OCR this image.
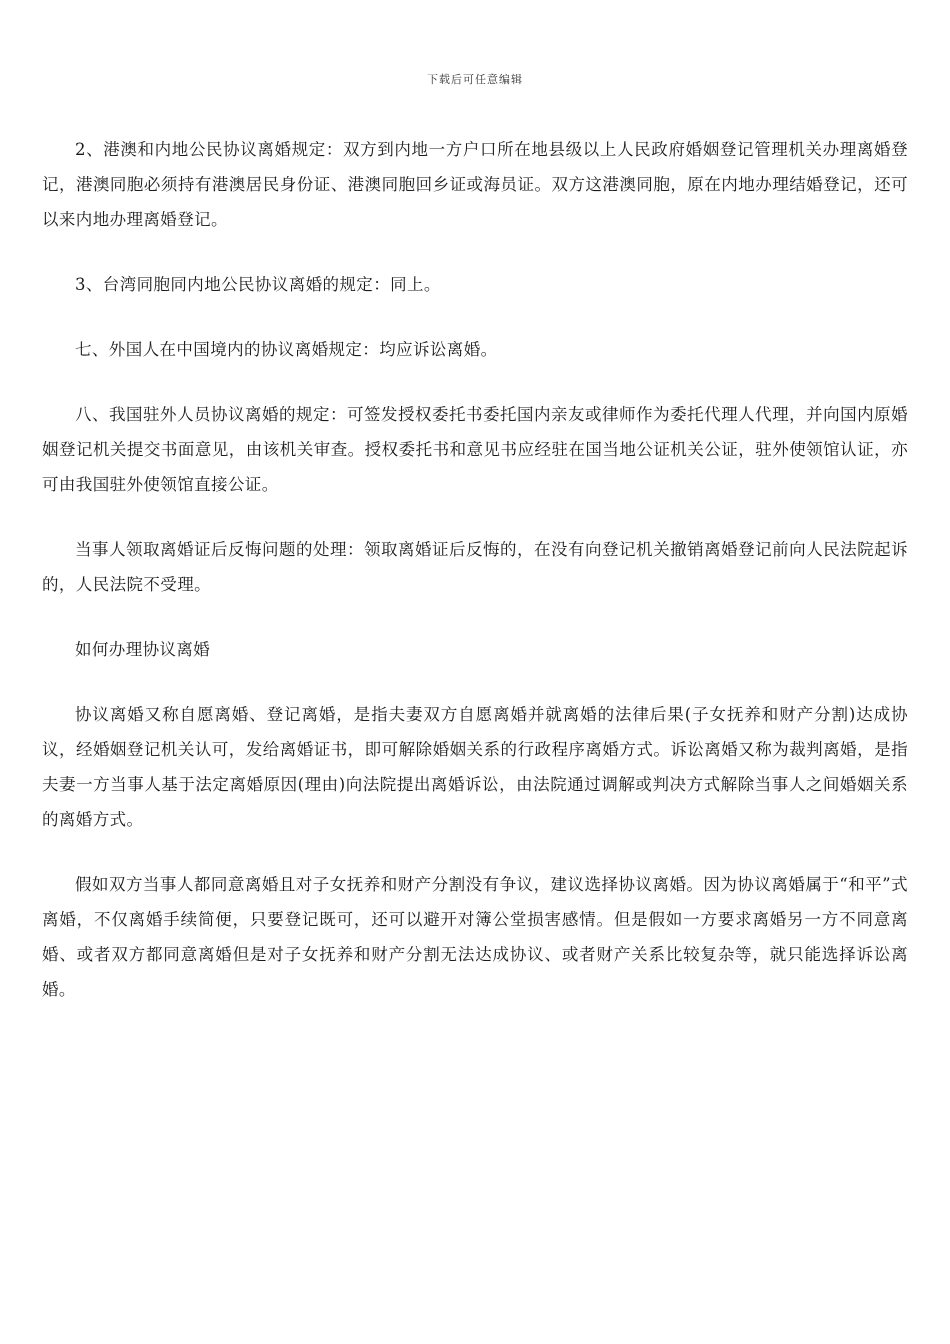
下载后可任意编辑

2、港澳和内地公民协议离婚规定：双方到内地一方户口所在地县级以上人民政府婚姻登记管理机关办理离婚登记，港澳同胞必须持有港澳居民身份证、港澳同胞回乡证或海员证。双方这港澳同胞，原在内地办理结婚登记，还可以来内地办理离婚登记。

3、台湾同胞同内地公民协议离婚的规定：同上。

七、外国人在中国境内的协议离婚规定：均应诉讼离婚。

八、我国驻外人员协议离婚的规定：可签发授权委托书委托国内亲友或律师作为委托代理人代理，并向国内原婚姻登记机关提交书面意见，由该机关审查。授权委托书和意见书应经驻在国当地公证机关公证，驻外使领馆认证，亦可由我国驻外使领馆直接公证。

当事人领取离婚证后反悔问题的处理：领取离婚证后反悔的，在没有向登记机关撤销离婚登记前向人民法院起诉的，人民法院不受理。

如何办理协议离婚

协议离婚又称自愿离婚、登记离婚，是指夫妻双方自愿离婚并就离婚的法律后果(子女抚养和财产分割)达成协议，经婚姻登记机关认可，发给离婚证书，即可解除婚姻关系的行政程序离婚方式。诉讼离婚又称为裁判离婚，是指夫妻一方当事人基于法定离婚原因(理由)向法院提出离婚诉讼，由法院通过调解或判决方式解除当事人之间婚姻关系的离婚方式。

假如双方当事人都同意离婚且对子女抚养和财产分割没有争议，建议选择协议离婚。因为协议离婚属于“和平”式离婚，不仅离婚手续简便，只要登记既可，还可以避开对簿公堂损害感情。但是假如一方要求离婚另一方不同意离婚、或者双方都同意离婚但是对子女抚养和财产分割无法达成协议、或者财产关系比较复杂等，就只能选择诉讼离婚。
